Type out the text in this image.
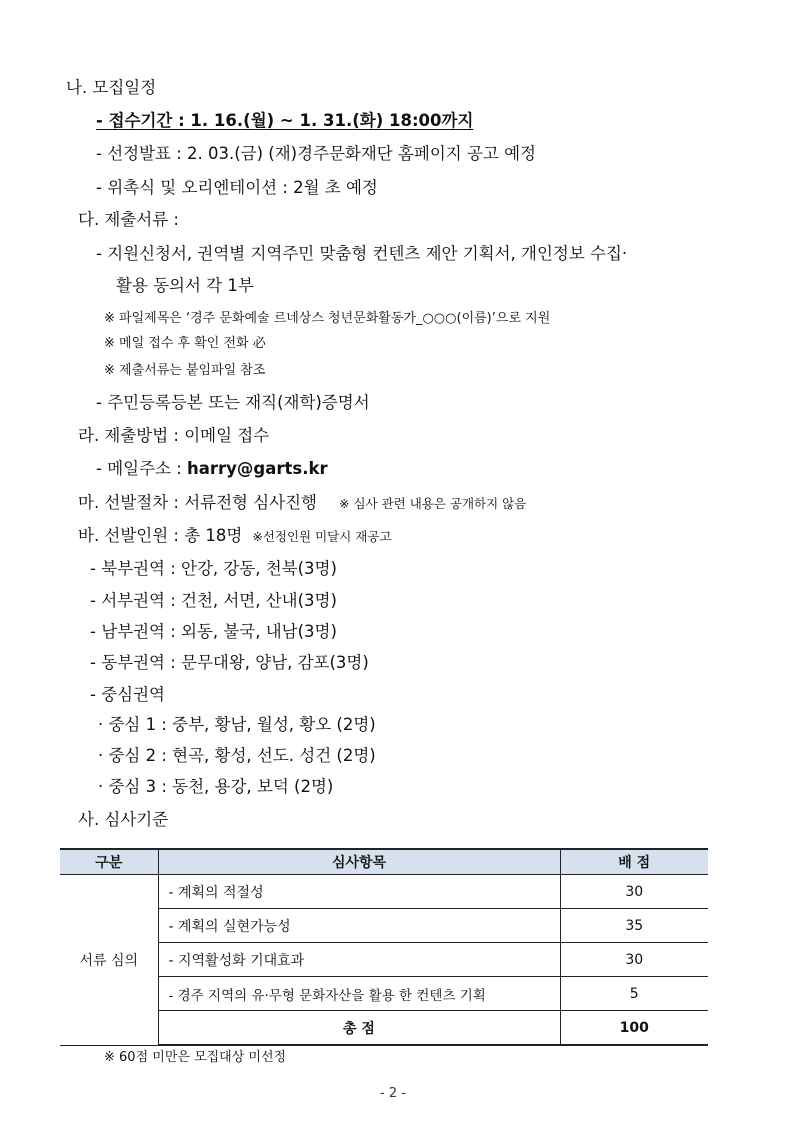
나. 모집일정
- 접수기간 : 1. 16.(월) ~ 1. 31.(화) 18:00까지
- 선정발표 : 2. 03.(금) (재)경주문화재단 홈페이지 공고 예정
- 위촉식 및 오리엔테이션 : 2월 초 예정
다. 제출서류 :
- 지원신청서, 권역별 지역주민 맞춤형 컨텐츠 제안 기획서, 개인정보 수집·
활용 동의서 각 1부
※ 파일제목은 ‘경주 문화예술 르네상스 청년문화활동가_○○○(이름)’으로 지원
※ 메일 접수 후 확인 전화 必
※ 제출서류는 붙임파일 참조
- 주민등록등본 또는 재직(재학)증명서
라. 제출방법 : 이메일 접수
- 메일주소 : harry@garts.kr
마. 선발절차 : 서류전형 심사진행 ※ 심사 관련 내용은 공개하지 않음
바. 선발인원 : 총 18명 ※선정인원 미달시 재공고
- 북부권역 : 안강, 강동, 천북(3명)
- 서부권역 : 건천, 서면, 산내(3명)
- 남부권역 : 외동, 불국, 내남(3명)
- 동부권역 : 문무대왕, 양남, 감포(3명)
- 중심권역
· 중심 1 : 중부, 황남, 월성, 황오 (2명)
· 중심 2 : 현곡, 황성, 선도. 성건 (2명)
· 중심 3 : 동천, 용강, 보덕 (2명)
사. 심사기준
구분	심사항목	배 점
서류 심의	- 계획의 적절성	30
	- 계획의 실현가능성	35
	- 지역활성화 기대효과	30
	- 경주 지역의 유·무형 문화자산을 활용 한 컨텐츠 기획	5
	총 점	100
※ 60점 미만은 모집대상 미선정
- 2 -
